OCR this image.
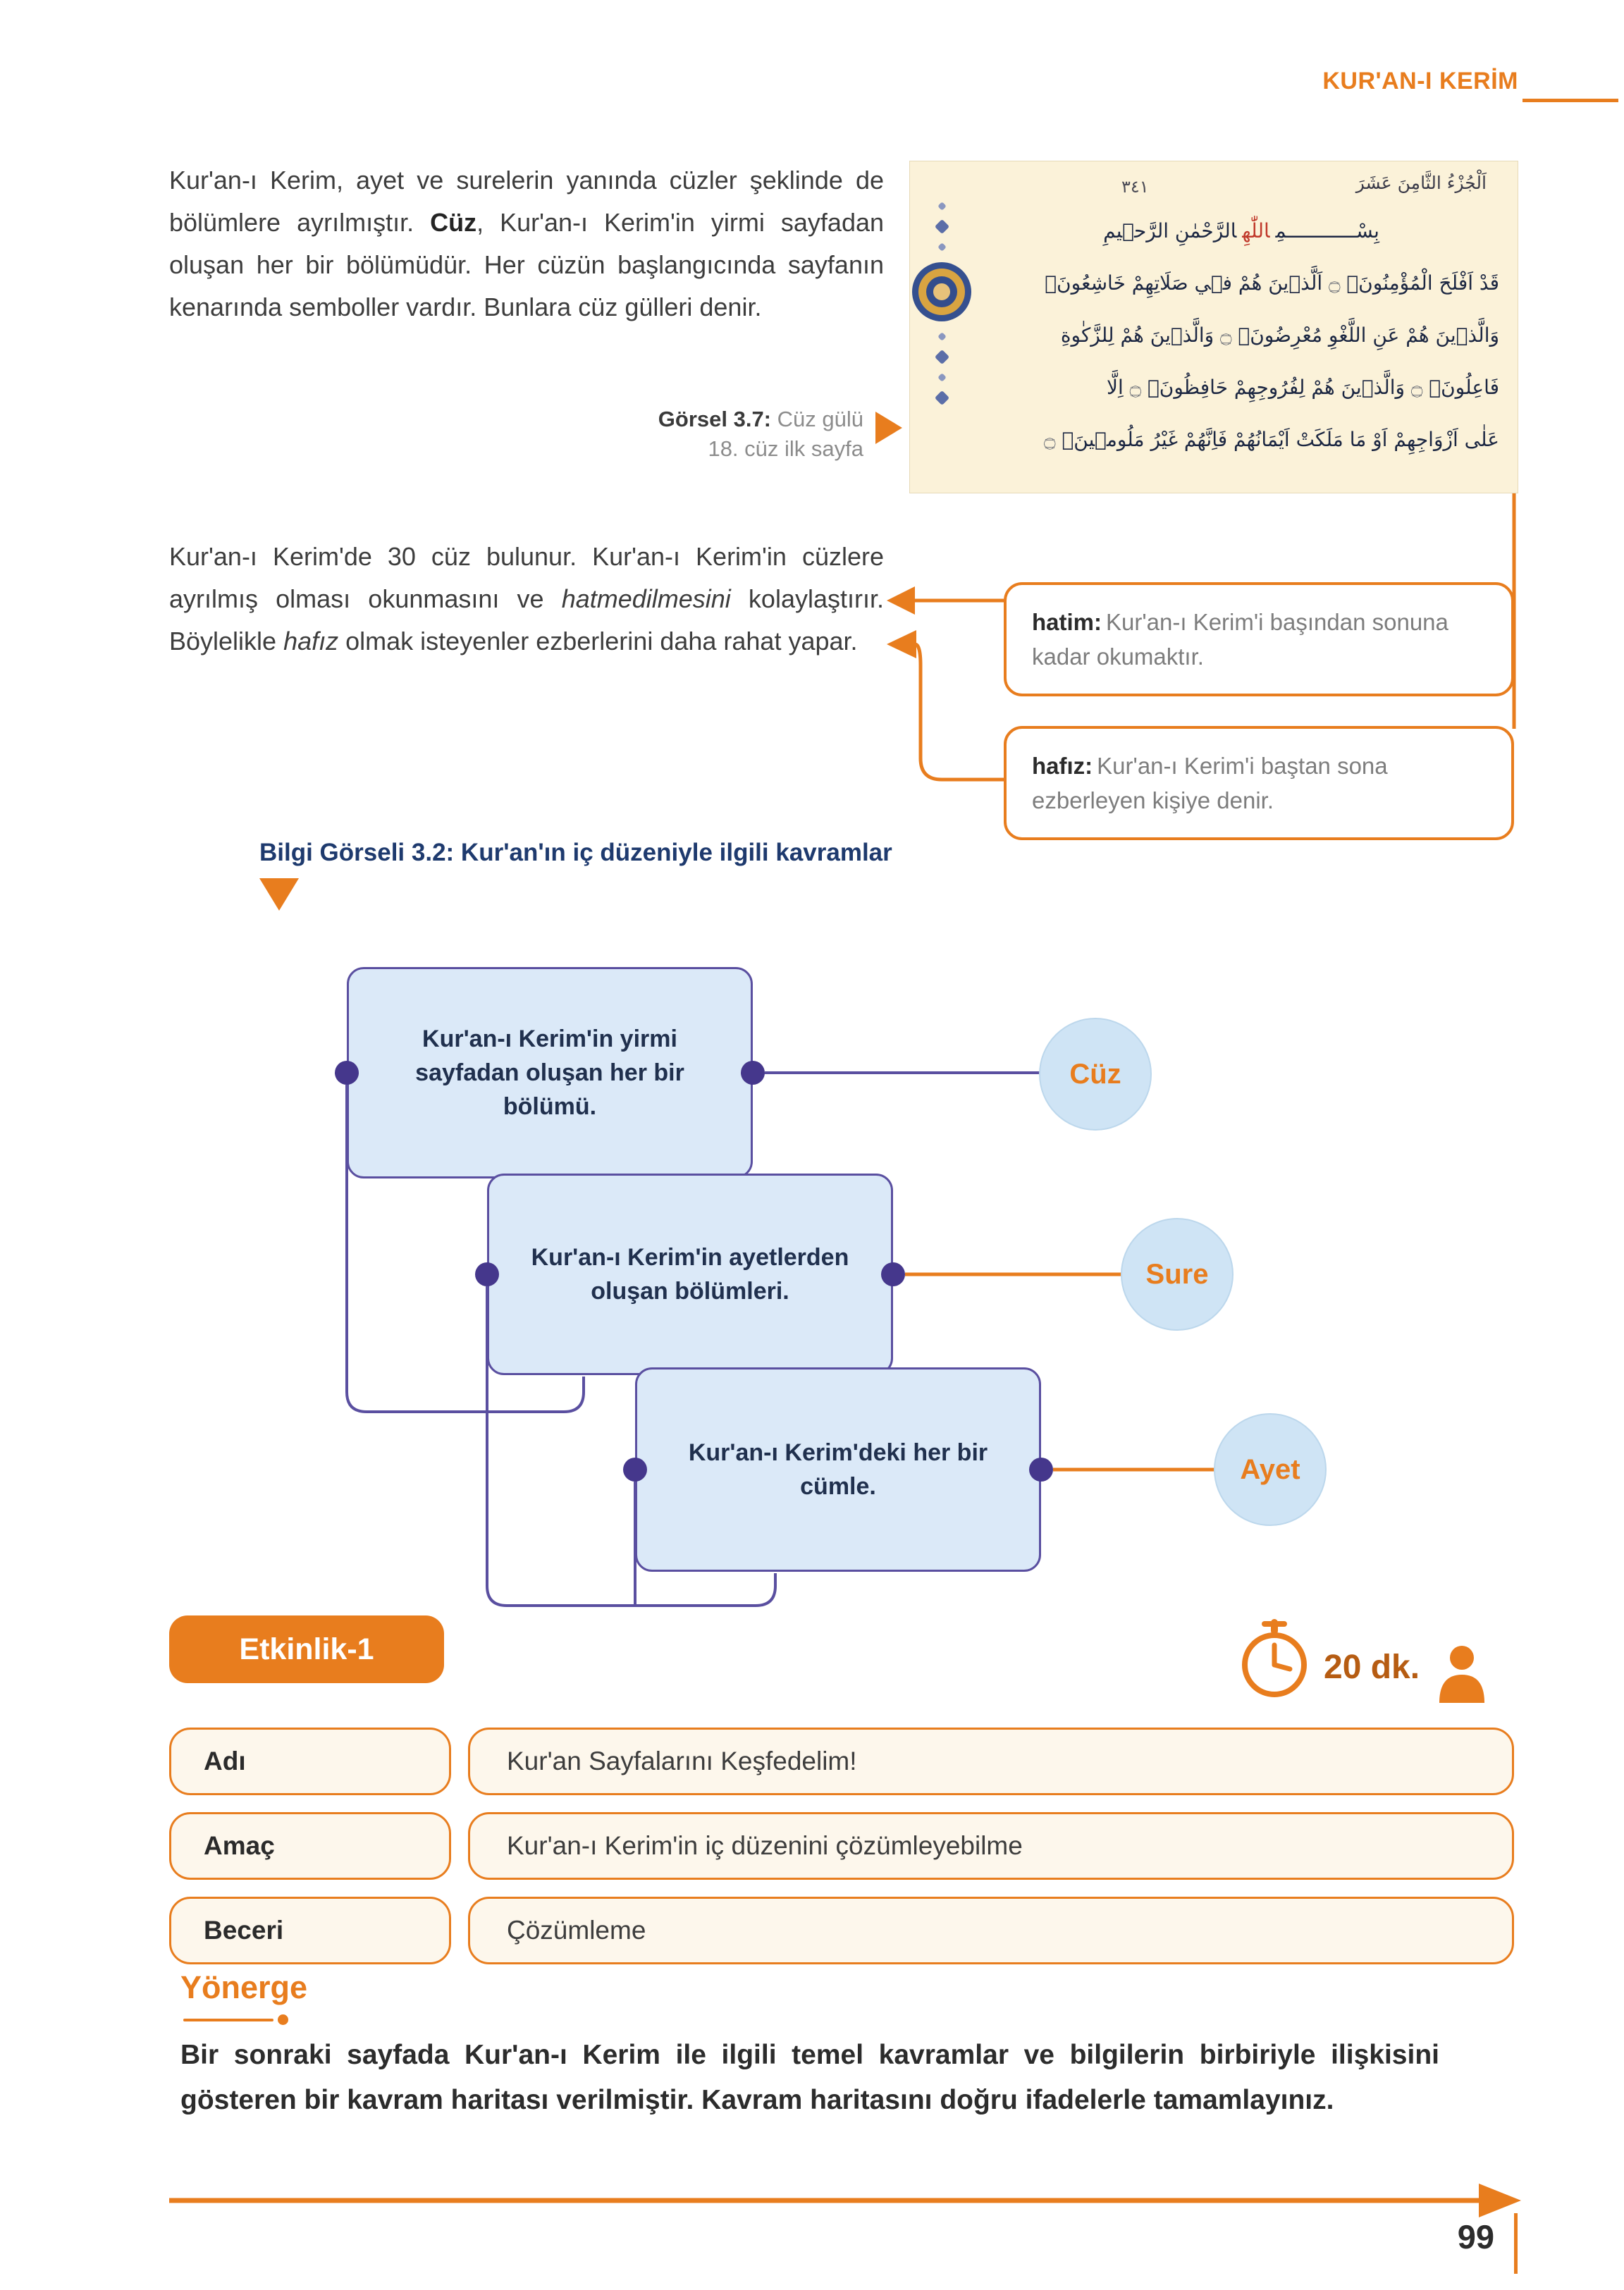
KUR'AN-I KERİM

Kur'an-ı Kerim, ayet ve surelerin yanında cüzler şeklinde de bölümlere ayrılmıştır. Cüz, Kur'an-ı Kerim'in yirmi sayfadan oluşan her bir bölümüdür. Her cüzün başlangıcında sayfanın kenarında semboller vardır. Bunlara cüz gülleri denir.

٣٤١	اَلْجُزْءُ الثَّامِنَ عَشَرَ
بِسْــــــــــــمِاللّٰهِالرَّحْمٰنِ الرَّح۪يمِ
قَدْ اَفْلَحَ الْمُؤْمِنُونَۙ ۝ اَلَّذ۪ينَ هُمْ ف۪ي صَلَاتِهِمْ خَاشِعُونَۙ
وَالَّذ۪ينَ هُمْ عَنِ اللَّغْوِ مُعْرِضُونَۙ ۝ وَالَّذ۪ينَ هُمْ لِلزَّكٰوةِ
فَاعِلُونَۙ ۝ وَالَّذ۪ينَ هُمْ لِفُرُوجِهِمْ حَافِظُونَۙ ۝ اِلَّا
عَلٰى اَزْوَاجِهِمْ اَوْ مَا مَلَكَتْ اَيْمَانُهُمْ فَاِنَّهُمْ غَيْرُ مَلُوم۪ينَۚ ۝
Görsel 3.7: Cüz gülü
18. cüz ilk sayfa

Kur'an-ı Kerim'de 30 cüz bulunur. Kur'an-ı Kerim'in cüzlere ayrılmış olması okunmasını ve hatmedilmesini kolaylaştırır. Böylelikle hafız olmak isteyenler ezberlerini daha rahat yapar.

hatim: Kur'an-ı Kerim'i başından sonuna kadar okumaktır.
hafız: Kur'an-ı Kerim'i baştan sona ezberleyen kişiye denir.
Bilgi Görseli 3.2: Kur'an'ın iç düzeniyle ilgili kavramlar
Kur'an-ı Kerim'in yirmi sayfadan oluşan her bir bölümü.
Kur'an-ı Kerim'in ayetlerden oluşan bölümleri.
Kur'an-ı Kerim'deki her bir cümle.
Cüz
Sure
Ayet
Etkinlik-1	20 dk.
Adı	Kur'an Sayfalarını Keşfedelim!
Amaç	Kur'an-ı Kerim'in iç düzenini çözümleyebilme
Beceri	Çözümleme
Yönerge

Bir sonraki sayfada Kur'an-ı Kerim ile ilgili temel kavramlar ve bilgilerin birbiriyle ilişkisini gösteren bir kavram haritası verilmiştir. Kavram haritasını doğru ifadelerle tamamlayınız.

99
